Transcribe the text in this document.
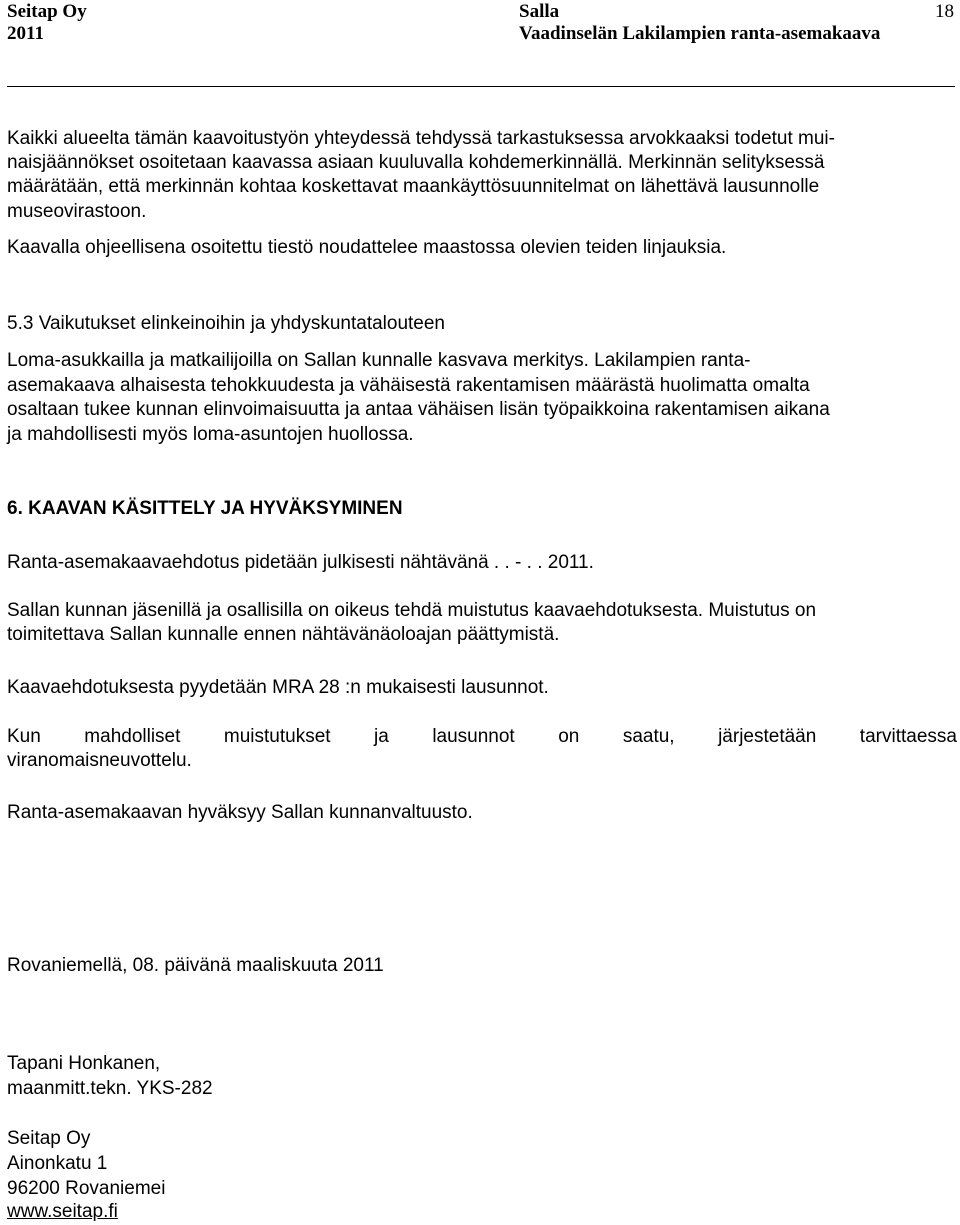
Seitap Oy
2011
Salla
Vaadinselän Lakilampien ranta-asemakaava
18
Kaikki alueelta tämän kaavoitustyön yhteydessä tehdyssä tarkastuksessa arvokkaaksi todetut mui-
naisjäännökset osoitetaan kaavassa asiaan kuuluvalla kohdemerkinnällä. Merkinnän selityksessä
määrätään, että merkinnän kohtaa koskettavat maankäyttösuunnitelmat on lähettävä lausunnolle
museovirastoon.
Kaavalla ohjeellisena osoitettu tiestö noudattelee maastossa olevien teiden linjauksia.
5.3 Vaikutukset elinkeinoihin ja yhdyskuntatalouteen
Loma-asukkailla ja matkailijoilla on Sallan kunnalle kasvava merkitys. Lakilampien ranta-
asemakaava alhaisesta tehokkuudesta ja vähäisestä rakentamisen määrästä huolimatta omalta
osaltaan tukee kunnan elinvoimaisuutta ja antaa vähäisen lisän työpaikkoina rakentamisen aikana
ja mahdollisesti myös loma-asuntojen huollossa.
6. KAAVAN KÄSITTELY JA HYVÄKSYMINEN
Ranta-asemakaavaehdotus pidetään julkisesti nähtävänä . . - . . 2011.
Sallan kunnan jäsenillä ja osallisilla on oikeus tehdä muistutus kaavaehdotuksesta. Muistutus on
toimitettava Sallan kunnalle ennen nähtävänäoloajan päättymistä.
Kaavaehdotuksesta pyydetään MRA 28 :n mukaisesti lausunnot.
Kun mahdolliset muistutukset ja lausunnot on saatu, järjestetään tarvittaessa
viranomaisneuvottelu.
Ranta-asemakaavan hyväksyy Sallan kunnanvaltuusto.
Rovaniemellä, 08. päivänä maaliskuuta 2011
Tapani Honkanen,
maanmitt.tekn. YKS-282
Seitap Oy
Ainonkatu 1
96200 Rovaniemei
www.seitap.fi
